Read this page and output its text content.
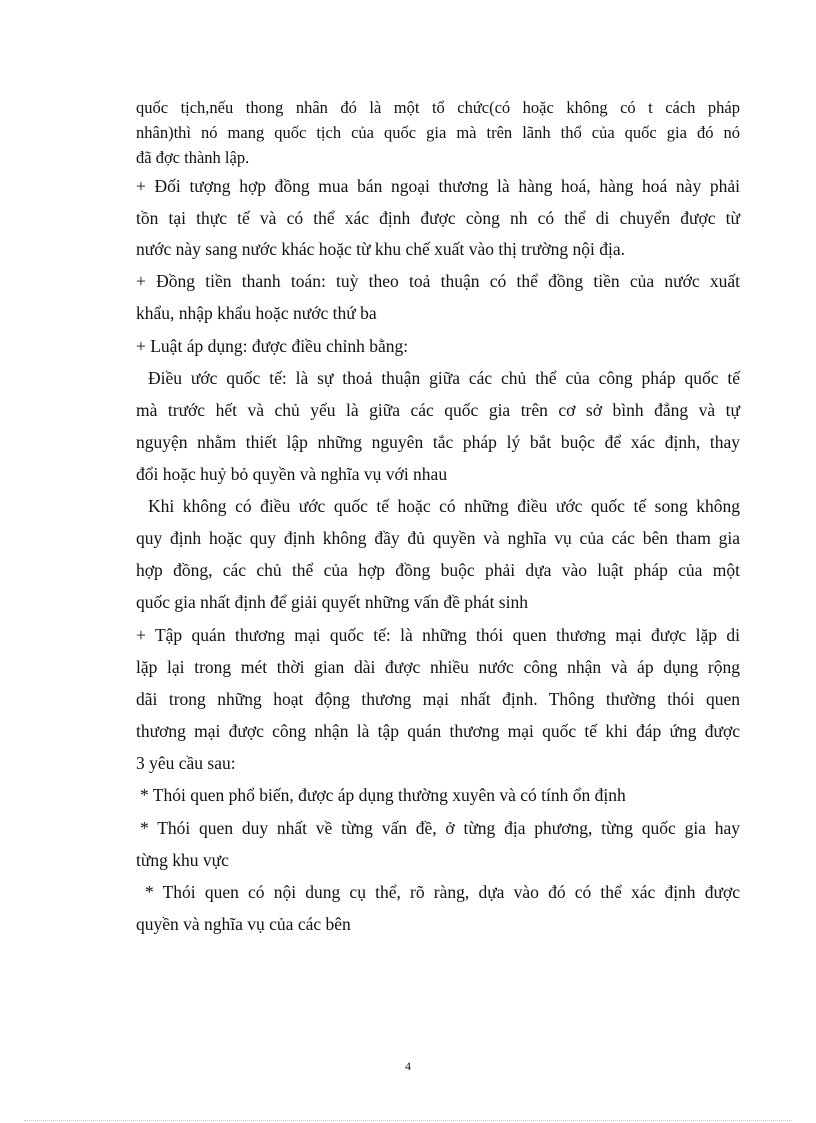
quốc tịch,nếu thong nhân đó là một tổ chức(có hoặc không có t cách pháp
nhân)thì nó mang quốc tịch của quốc gia mà trên lãnh thổ của quốc gia đó nó
đã đợc thành lập.
+ Đối tượng hợp đồng mua bán ngoại thương là hàng hoá, hàng hoá này phải
tồn tại thực tế và có thể xác định được còng nh có thể di chuyển được từ
nước này sang nước khác hoặc từ khu chế xuất vào thị trường nội địa.
+ Đồng tiền thanh toán: tuỳ theo toả thuận có thể đồng tiền của nước xuất
khẩu, nhập khẩu hoặc nước thứ ba
+ Luật áp dụng: được điều chỉnh bằng:
Điều ước quốc tế: là sự thoả thuận giữa các chủ thể của công pháp quốc tế
mà trước hết và chủ yếu là giữa các quốc gia trên cơ sở bình đẳng và tự
nguyện nhằm thiết lập những nguyên tắc pháp lý bắt buộc để xác định, thay
đổi hoặc huỷ bỏ quyền và nghĩa vụ với nhau
Khi không có điều ước quốc tế hoặc có những điều ước quốc tế song không
quy định hoặc quy định không đầy đủ quyền và nghĩa vụ của các bên tham gia
hợp đồng, các chủ thể của hợp đồng buộc phải dựa vào luật pháp của một
quốc gia nhất định để giải quyết những vấn đề phát sinh
+ Tập quán thương mại quốc tế: là những thói quen thương mại được lặp di
lặp lại trong mét thời gian dài được nhiều nước công nhận và áp dụng rộng
dãi trong những hoạt động thương mại nhất định. Thông thường thói quen
thương mại được công nhận là tập quán thương mại quốc tế khi đáp ứng được
3 yêu cầu sau:
* Thói quen phổ biến, được áp dụng thường xuyên và có tính ổn định
* Thói quen duy nhất về từng vấn đề, ở từng địa phương, từng quốc gia hay
từng khu vực
* Thói quen có nội dung cụ thể, rõ ràng, dựa vào đó có thể xác định được
quyền và nghĩa vụ của các bên
4
